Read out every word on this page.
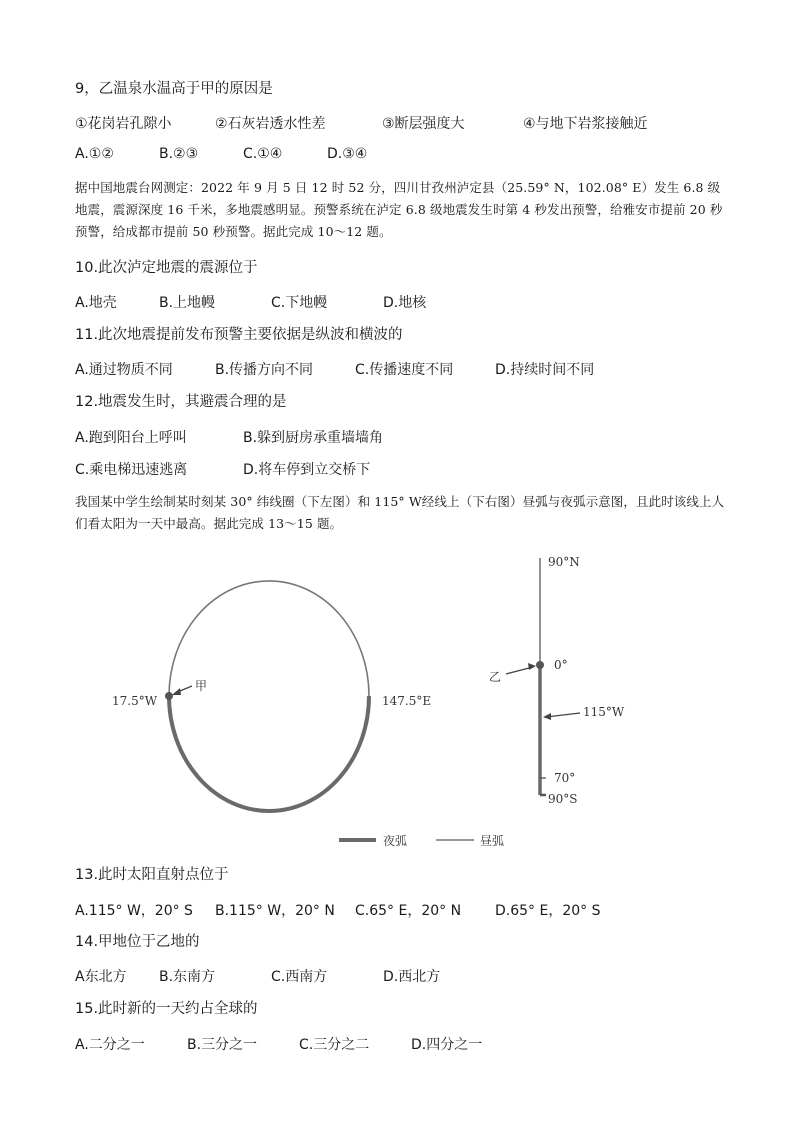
9，乙温泉水温高于甲的原因是
①花岗岩孔隙小	②石灰岩透水性差	③断层强度大	④与地下岩浆接触近
A.①②	B.②③	C.①④	D.③④
据中国地震台网测定：2022 年 9 月 5 日 12 时 52 分，四川甘孜州泸定县（25.59° N，102.08° E）发生 6.8 级地震，震源深度 16 千米，多地震感明显。预警系统在泸定 6.8 级地震发生时第 4 秒发出预警，给雅安市提前 20 秒预警，给成都市提前 50 秒预警。据此完成 10～12 题。
10.此次泸定地震的震源位于
A.地壳	B.上地幔	C.下地幔	D.地核
11.此次地震提前发布预警主要依据是纵波和横波的
A.通过物质不同	B.传播方向不同	C.传播速度不同	D.持续时间不同
12.地震发生时，其避震合理的是
A.跑到阳台上呼叫	B.躲到厨房承重墙墙角
C.乘电梯迅速逃离	D.将车停到立交桥下
我国某中学生绘制某时刻某 30° 纬线圈（下左图）和 115° W经线上（下右图）昼弧与夜弧示意图，且此时该线上人们看太阳为一天中最高。据此完成 13～15 题。
甲
17.5°W	147.5°E
90°N
0°
乙
115°W
70°
90°S
夜弧	昼弧
13.此时太阳直射点位于
A.115° W，20° S B.115° W，20° N C.65° E，20° N D.65° E，20° S
14.甲地位于乙地的
A东北方 B.东南方	C.西南方	D.西北方
15.此时新的一天约占全球的
A.二分之一	B.三分之一	C.三分之二	D.四分之一
